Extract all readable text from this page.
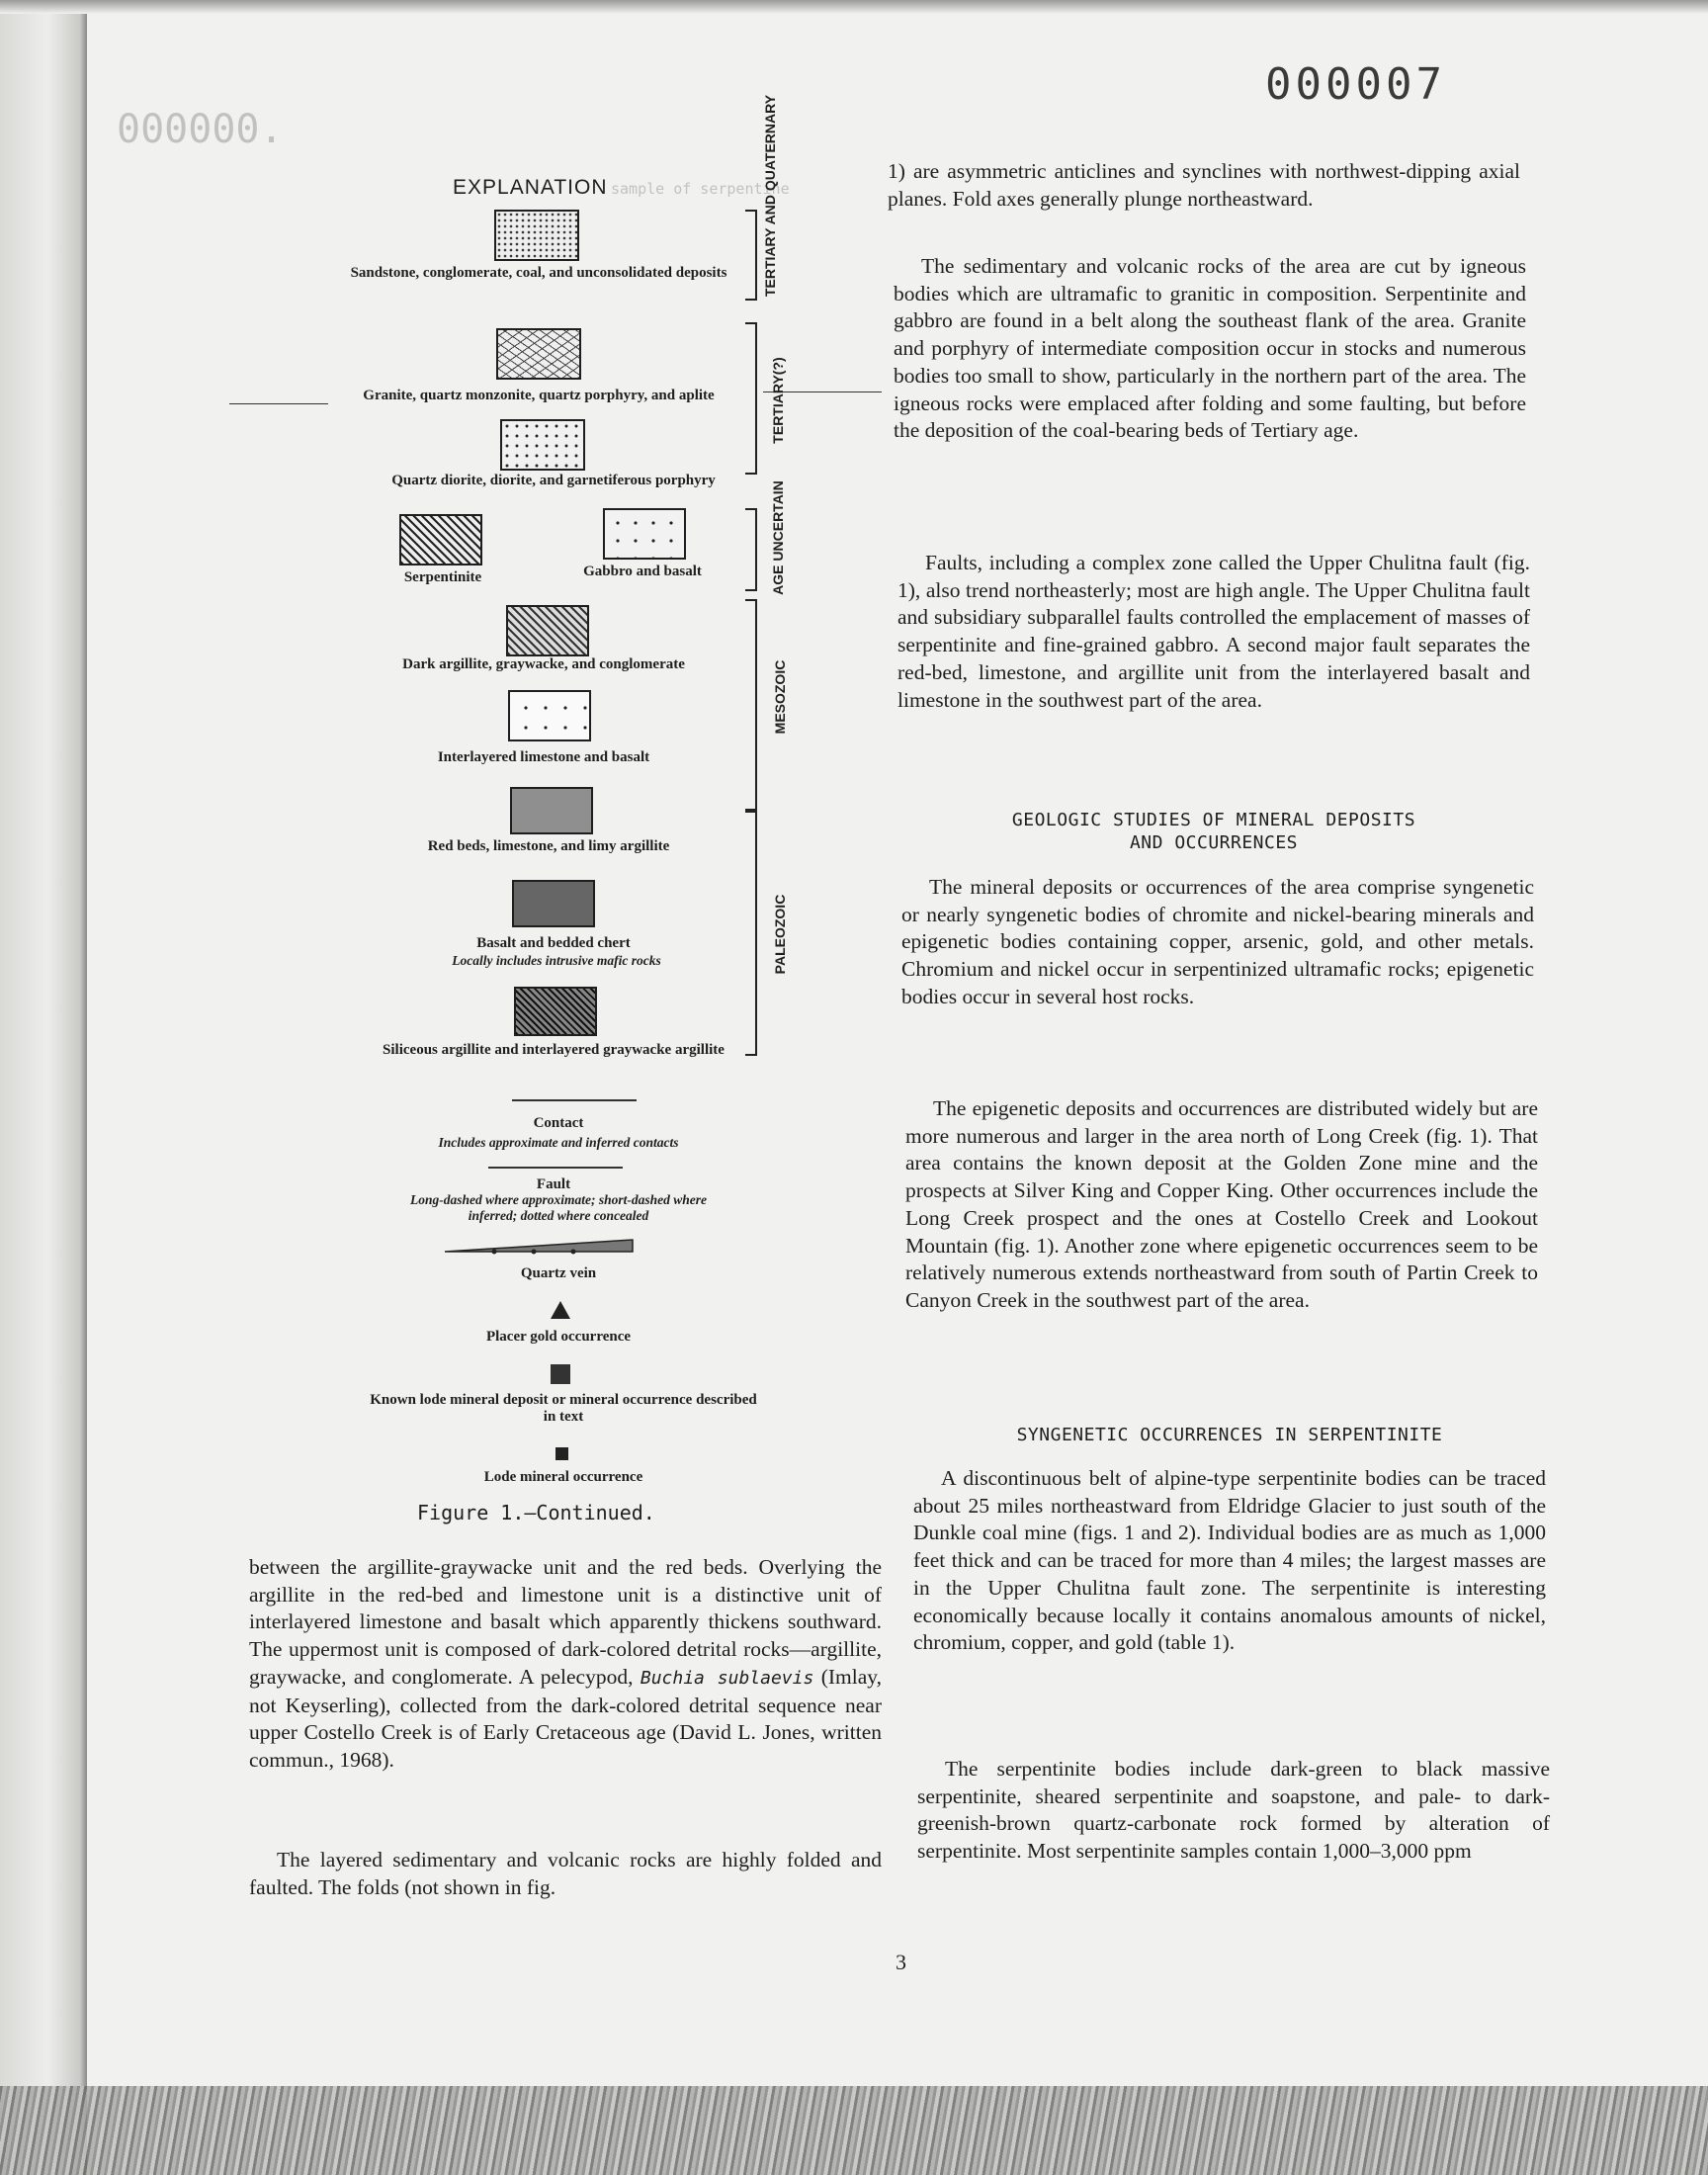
000007
000000.
sample of serpentine
EXPLANATION
Sandstone, conglomerate, coal, and unconsolidated deposits
Granite, quartz monzonite, quartz porphyry, and aplite
Quartz diorite, diorite, and garnetiferous porphyry
Serpentinite	Gabbro and basalt
Dark argillite, graywacke, and conglomerate
Interlayered limestone and basalt
Red beds, limestone, and limy argillite
Basalt and bedded chert
Locally includes intrusive mafic rocks
Siliceous argillite and interlayered graywacke argillite
Contact
Includes approximate and inferred contacts
Fault
Long-dashed where approximate; short-dashed where inferred; dotted where concealed
Quartz vein
Placer gold occurrence
Known lode mineral deposit or mineral occurrence described in text
Lode mineral occurrence
TERTIARY AND QUATERNARY
TERTIARY(?)
AGE UNCERTAIN
MESOZOIC
PALEOZOIC
Figure 1.—Continued.

between the argillite-graywacke unit and the red beds. Overlying the argillite in the red-bed and limestone unit is a distinctive unit of interlayered limestone and basalt which apparently thickens southward. The uppermost unit is composed of dark-colored detrital rocks—argillite, graywacke, and conglomerate. A pelecypod, Buchia sublaevis (Imlay, not Keyserling), collected from the dark-colored detrital sequence near upper Costello Creek is of Early Cretaceous age (David L. Jones, written commun., 1968).

The layered sedimentary and volcanic rocks are highly folded and faulted. The folds (not shown in fig.

1) are asymmetric anticlines and synclines with northwest-dipping axial planes. Fold axes generally plunge northeastward.

The sedimentary and volcanic rocks of the area are cut by igneous bodies which are ultramafic to granitic in composition. Serpentinite and gabbro are found in a belt along the southeast flank of the area. Granite and porphyry of intermediate composition occur in stocks and numerous bodies too small to show, particularly in the northern part of the area. The igneous rocks were emplaced after folding and some faulting, but before the deposition of the coal-bearing beds of Tertiary age.

Faults, including a complex zone called the Upper Chulitna fault (fig. 1), also trend northeasterly; most are high angle. The Upper Chulitna fault and subsidiary subparallel faults controlled the emplacement of masses of serpentinite and fine-grained gabbro. A second major fault separates the red-bed, limestone, and argillite unit from the interlayered basalt and limestone in the southwest part of the area.

GEOLOGIC STUDIES OF MINERAL DEPOSITS
AND OCCURRENCES

The mineral deposits or occurrences of the area comprise syngenetic or nearly syngenetic bodies of chromite and nickel-bearing minerals and epigenetic bodies containing copper, arsenic, gold, and other metals. Chromium and nickel occur in serpentinized ultramafic rocks; epigenetic bodies occur in several host rocks.

The epigenetic deposits and occurrences are distributed widely but are more numerous and larger in the area north of Long Creek (fig. 1). That area contains the known deposit at the Golden Zone mine and the prospects at Silver King and Copper King. Other occurrences include the Long Creek prospect and the ones at Costello Creek and Lookout Mountain (fig. 1). Another zone where epigenetic occurrences seem to be relatively numerous extends northeastward from south of Partin Creek to Canyon Creek in the southwest part of the area.

SYNGENETIC OCCURRENCES IN SERPENTINITE

A discontinuous belt of alpine-type serpentinite bodies can be traced about 25 miles northeastward from Eldridge Glacier to just south of the Dunkle coal mine (figs. 1 and 2). Individual bodies are as much as 1,000 feet thick and can be traced for more than 4 miles; the largest masses are in the Upper Chulitna fault zone. The serpentinite is interesting economically because locally it contains anomalous amounts of nickel, chromium, copper, and gold (table 1).

The serpentinite bodies include dark-green to black massive serpentinite, sheared serpentinite and soapstone, and pale- to dark-greenish-brown quartz-carbonate rock formed by alteration of serpentinite. Most serpentinite samples contain 1,000–3,000 ppm

3
